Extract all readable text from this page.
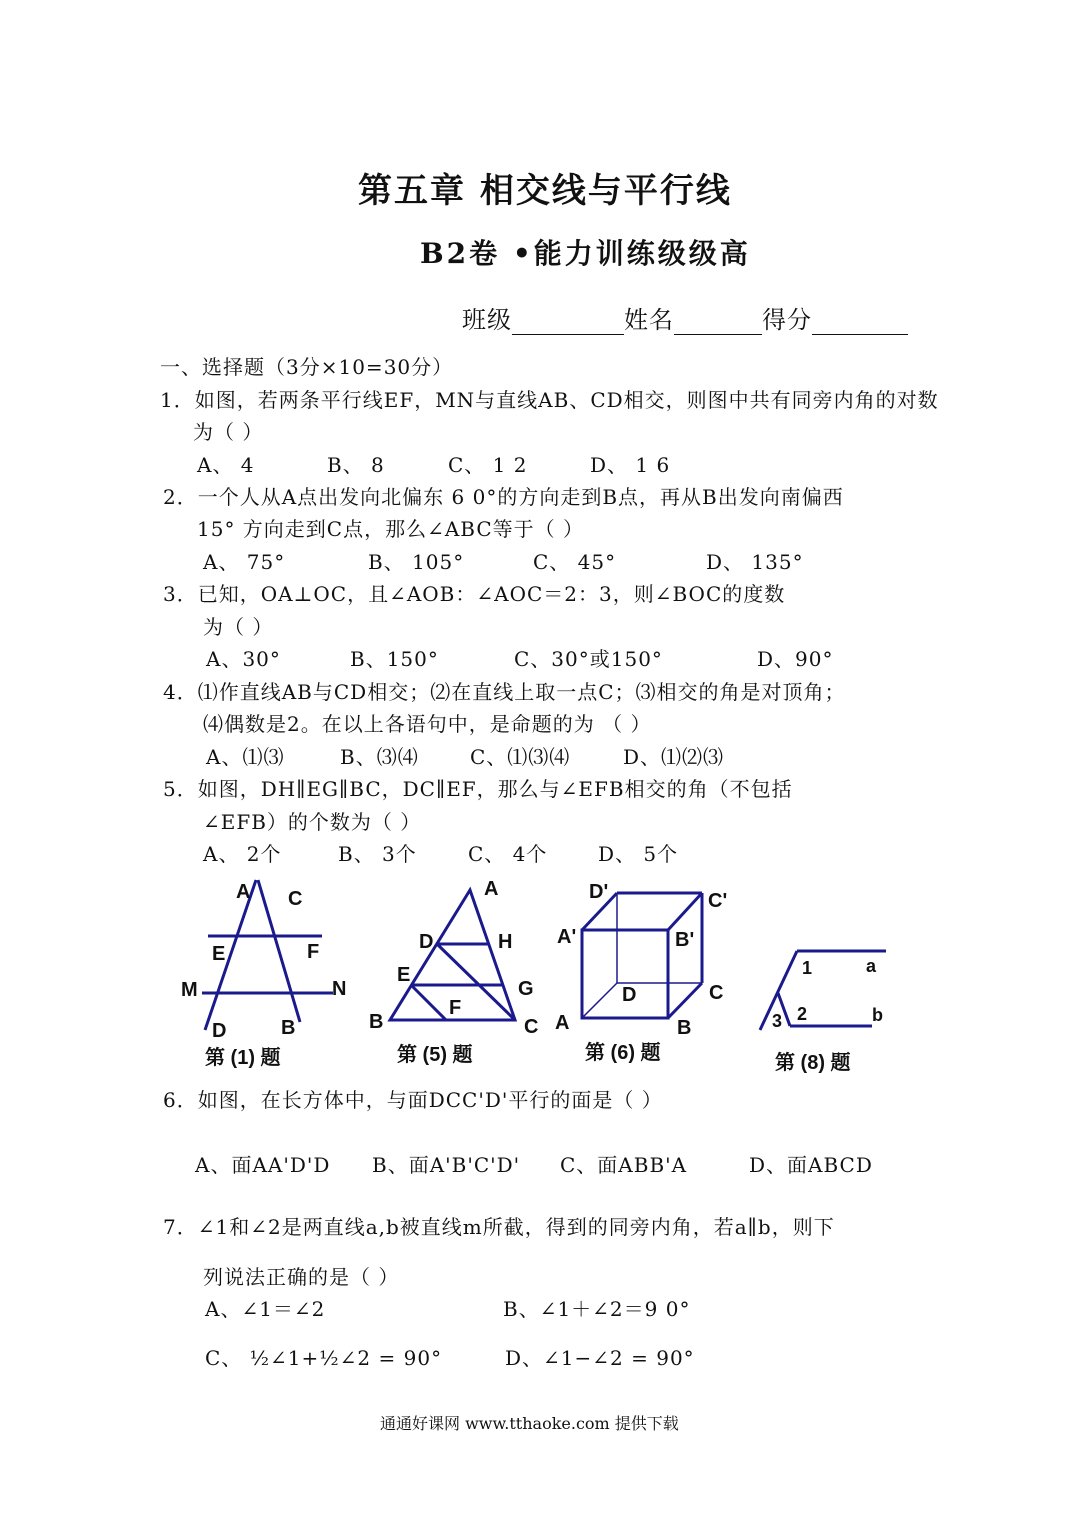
第五章 相交线与平行线
B2卷 •能力训练级级高
班级	姓名	得分
一、选择题（3分×10=30分）
1．如图，若两条平行线EF，MN与直线AB、CD相交，则图中共有同旁内角的对数
为（ ）
A、 4	B、 8	C、 1 2	D、 1 6
2．一个人从A点出发向北偏东 6 0°的方向走到B点，再从B出发向南偏西
15° 方向走到C点，那么∠ABC等于（ ）
A、 75°	B、 105°	C、 45°	D、 135°
3．已知，OA⊥OC，且∠AOB：∠AOC＝2：3，则∠BOC的度数
为（ ）
A、30°	B、150°	C、30°或150°	D、90°
4．⑴作直线AB与CD相交；⑵在直线上取一点C；⑶相交的角是对顶角；
⑷偶数是2。在以上各语句中，是命题的为 （ ）
A、⑴⑶	B、⑶⑷	C、⑴⑶⑷	D、⑴⑵⑶
5．如图，DH∥EG∥BC，DC∥EF，那么与∠EFB相交的角（不包括
∠EFB）的个数为（ ）
A、 2个	B、 3个	C、 4个	D、 5个
A C
E	F
M	N
D	B
第 (1) 题
A
D	H
E
G
F
B	C
第 (5) 题
D'	C'
A'	B'
D	C
A	B
第 (6) 题
1	a
2	b
3
第 (8) 题
6．如图，在长方体中，与面DCC'D'平行的面是（ ）
A、面AA'D'D B、面A'B'C'D' C、面ABB'A	D、面ABCD
7．∠1和∠2是两直线a,b被直线m所截，得到的同旁内角，若a∥b，则下
列说法正确的是（ ）
A、∠1＝∠2	B、∠1＋∠2＝9 0°
C、 ½∠1+½∠2 = 90°	D、∠1−∠2 = 90°
通通好课网 www.tthaoke.com 提供下载
